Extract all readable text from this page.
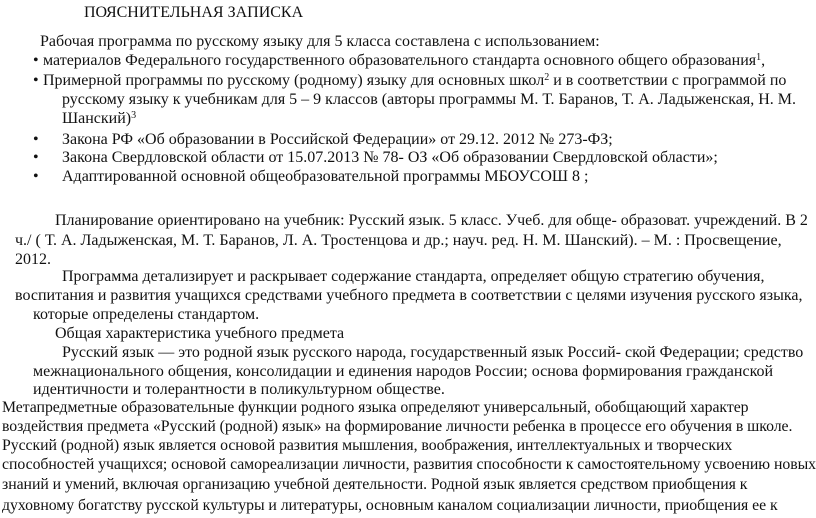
ПОЯСНИТЕЛЬНАЯ ЗАПИСКА
Рабочая программа по русскому языку для 5 класса составлена с использованием:
• материалов Федерального государственного образовательного стандарта основного общего образования$^1$,
• Примерной программы по русскому (родному) языку для основных школ$^2$ и в соответствии с программой по
русскому языку к учебникам для 5 – 9 классов (авторы программы М. Т. Баранов, Т. А. Ладыженская, Н. М.
Шанский)$^3$
• Закона РФ «Об образовании в Российской Федерации» от 29.12. 2012 № 273-ФЗ;
• Закона Свердловской области от 15.07.2013 № 78- ОЗ «Об образовании Свердловской области»;
• Адаптированной основной общеобразовательной программы МБОУСОШ 8 ;
Планирование ориентировано на учебник: Русский язык. 5 класс. Учеб. для обще- образоват. учреждений. В 2
ч./ ( Т. А. Ладыженская, М. Т. Баранов, Л. А. Тростенцова и др.; науч. ред. Н. М. Шанский). – М. : Просвещение,
2012.
Программа детализирует и раскрывает содержание стандарта, определяет общую стратегию обучения,
воспитания и развития учащихся средствами учебного предмета в соответствии с целями изучения русского языка,
которые определены стандартом.
Общая характеристика учебного предмета
Русский язык — это родной язык русского народа, государственный язык Россий- ской Федерации; средство
межнационального общения, консолидации и единения народов России; основа формирования гражданской
идентичности и толерантности в поликультурном обществе.
Метапредметные образовательные функции родного языка определяют универсальный, обобщающий характер
воздействия предмета «Русский (родной) язык» на формирование личности ребенка в процессе его обучения в школе.
Русский (родной) язык является основой развития мышления, воображения, интеллектуальных и творческих
способностей учащихся; основой самореализации личности, развития способности к самостоятельному усвоению новых
знаний и умений, включая организацию учебной деятельности. Родной язык является средством приобщения к
духовному богатству русской культуры и литературы, основным каналом социализации личности, приобщения ее к
